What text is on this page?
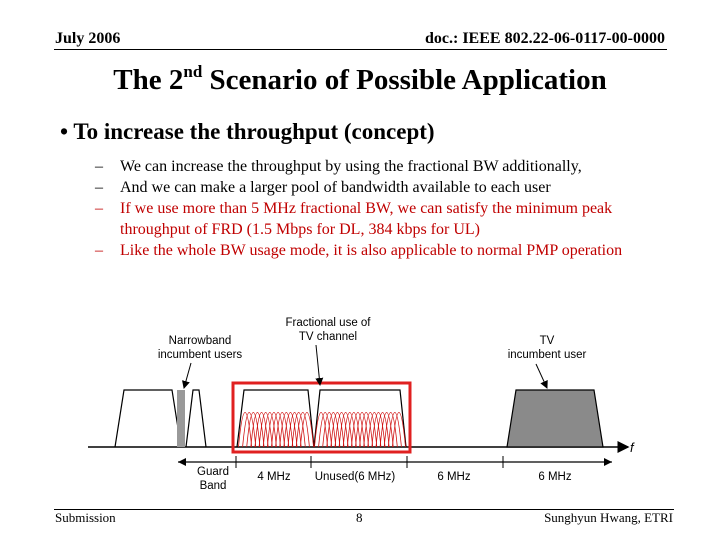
July 2006	doc.: IEEE 802.22-06-0117-00-0000
The 2nd Scenario of Possible Application
• To increase the throughput (concept)
– We can increase the throughput by using the fractional BW additionally,
– And we can make a larger pool of bandwidth available to each user
– If we use more than 5 MHz fractional BW, we can satisfy the minimum peak throughput of FRD (1.5 Mbps for DL, 384 kbps for UL)
– Like the whole BW usage mode, it is also applicable to normal PMP operation
f
Narrowband
incumbent users
Fractional use of
TV channel	TV
incumbent user
Guard
Band
4 MHz Unused(6 MHz)	6 MHz	6 MHz
Submission	8	Sunghyun Hwang, ETRI
